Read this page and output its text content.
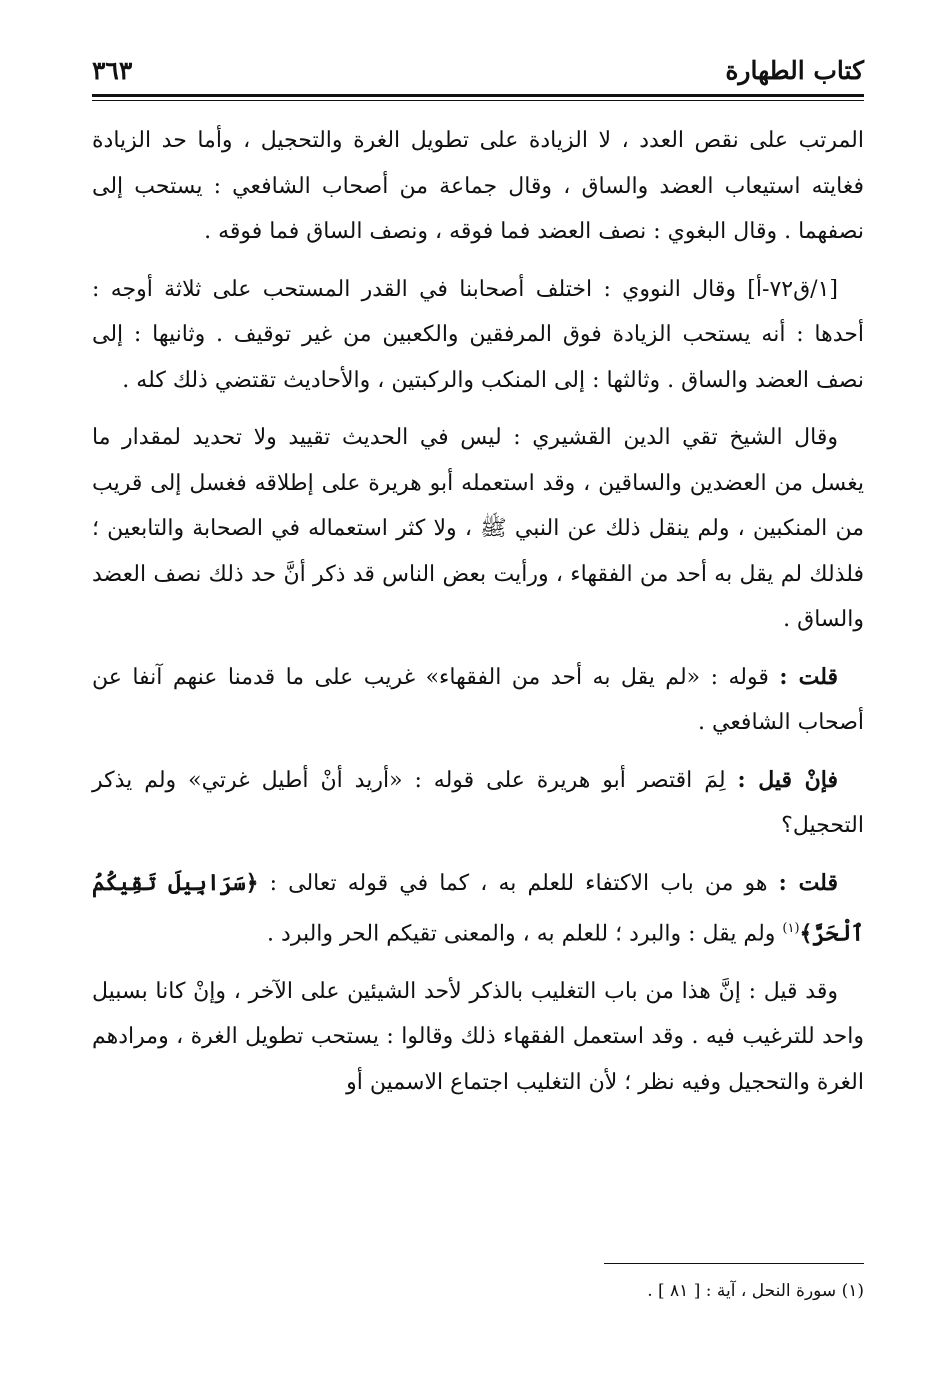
كتاب الطهارة
٣٦٣

المرتب على نقص العدد ، لا الزيادة على تطويل الغرة والتحجيل ، وأما حد الزيادة فغايته استيعاب العضد والساق ، وقال جماعة من أصحاب الشافعي : يستحب إلى نصفهما . وقال البغوي : نصف العضد فما فوقه ، ونصف الساق فما فوقه .

[١/ق٧٢-أ] وقال النووي : اختلف أصحابنا في القدر المستحب على ثلاثة أوجه : أحدها : أنه يستحب الزيادة فوق المرفقين والكعبين من غير توقيف . وثانيها : إلى نصف العضد والساق . وثالثها : إلى المنكب والركبتين ، والأحاديث تقتضي ذلك كله .

وقال الشيخ تقي الدين القشيري : ليس في الحديث تقييد ولا تحديد لمقدار ما يغسل من العضدين والساقين ، وقد استعمله أبو هريرة على إطلاقه فغسل إلى قريب من المنكبين ، ولم ينقل ذلك عن النبي ﷺ ، ولا كثر استعماله في الصحابة والتابعين ؛ فلذلك لم يقل به أحد من الفقهاء ، ورأيت بعض الناس قد ذكر أنَّ حد ذلك نصف العضد والساق .

قلت : قوله : «لم يقل به أحد من الفقهاء» غريب على ما قدمنا عنهم آنفا عن أصحاب الشافعي .

فإنْ قيل : لِمَ اقتصر أبو هريرة على قوله : «أريد أنْ أطيل غرتي» ولم يذكر التحجيل؟

قلت : هو من باب الاكتفاء للعلم به ، كما في قوله تعالى : ﴿سَرَابِيلَ تَقِيكُمُ ٱلْحَرَّ﴾$^{(١)}$ ولم يقل : والبرد ؛ للعلم به ، والمعنى تقيكم الحر والبرد .

وقد قيل : إنَّ هذا من باب التغليب بالذكر لأحد الشيئين على الآخر ، وإنْ كانا بسبيل واحد للترغيب فيه . وقد استعمل الفقهاء ذلك وقالوا : يستحب تطويل الغرة ، ومرادهم الغرة والتحجيل وفيه نظر ؛ لأن التغليب اجتماع الاسمين أو

(١) سورة النحل ، آية : [ ٨١ ] .
